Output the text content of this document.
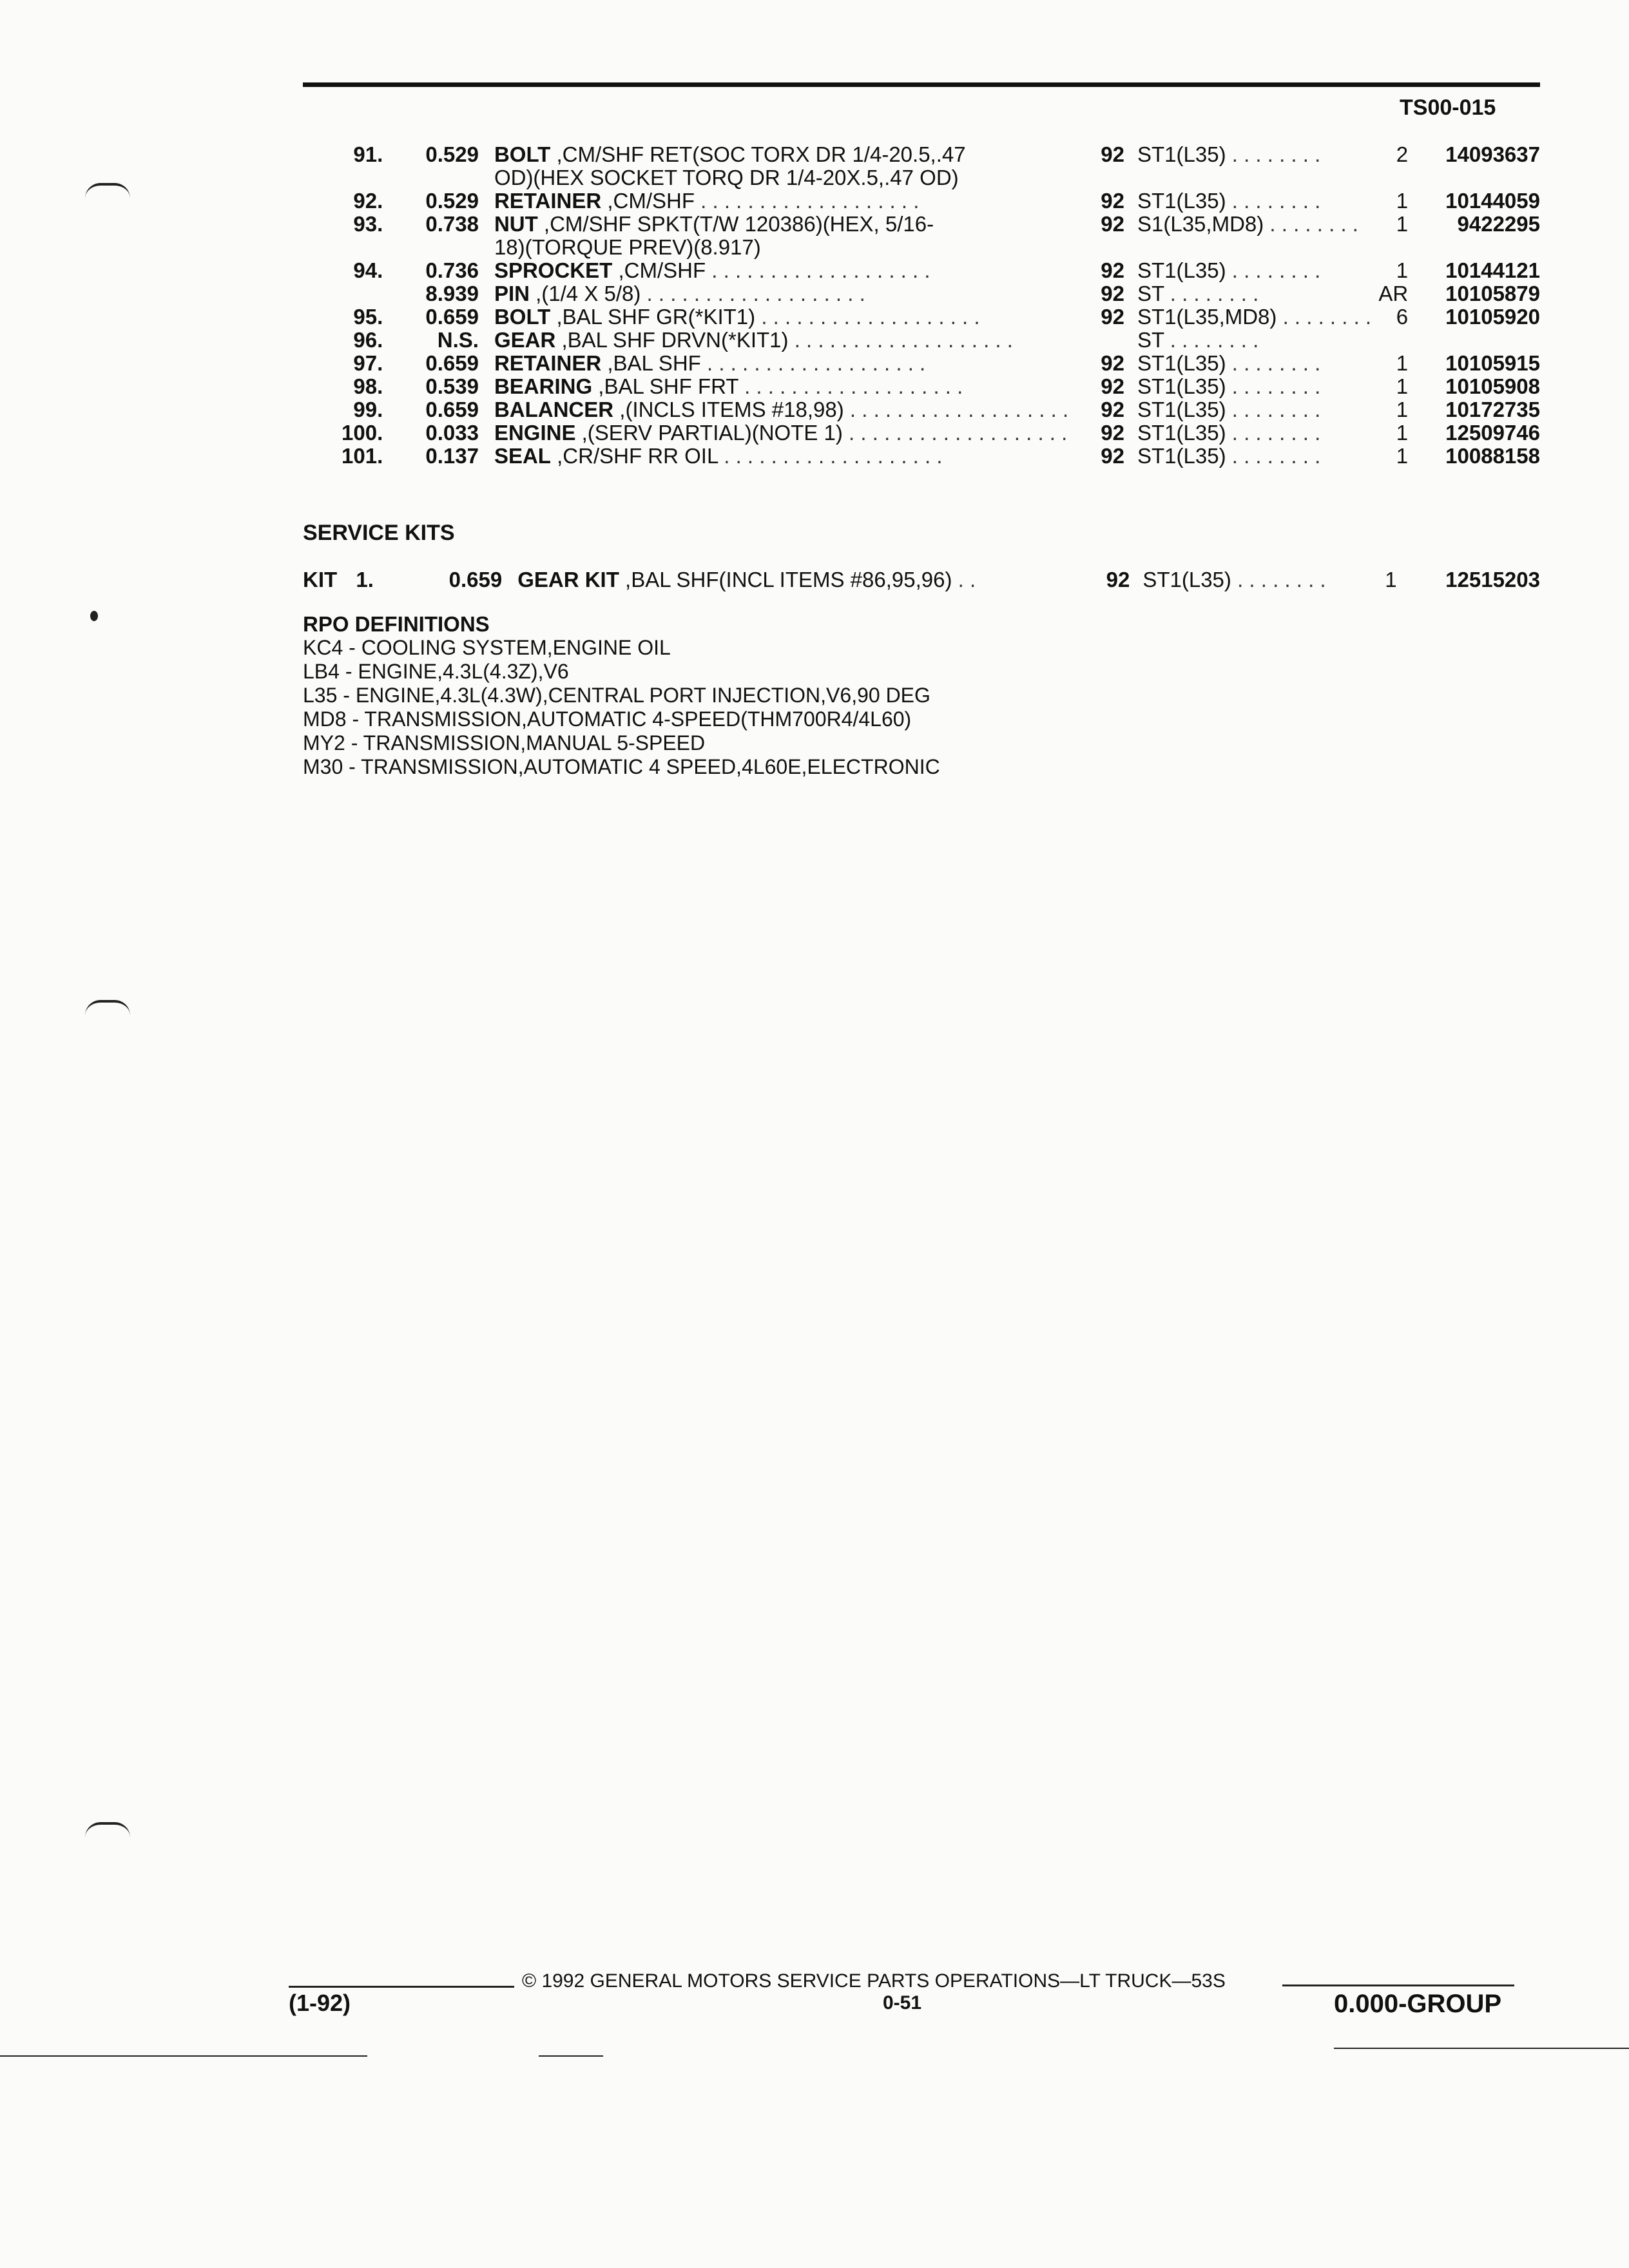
TS00-015
91.	0.529	BOLT ,CM/SHF RET(SOC TORX DR 1/4-20.5,.47
OD)(HEX SOCKET TORQ DR 1/4-20X.5,.47 OD)	92	ST1(L35) . . . . . . . .	2	14093637
92.	0.529	RETAINER ,CM/SHF . . . . . . . . . . . . . . . . . . .	92	ST1(L35) . . . . . . . .	1	10144059
93.	0.738	NUT ,CM/SHF SPKT(T/W 120386)(HEX, 5/16-
18)(TORQUE PREV)(8.917)	92	S1(L35,MD8) . . . . . . . .	1	9422295
94.	0.736	SPROCKET ,CM/SHF . . . . . . . . . . . . . . . . . . .	92	ST1(L35) . . . . . . . .	1	10144121
	8.939	PIN ,(1/4 X 5/8) . . . . . . . . . . . . . . . . . . .	92	ST . . . . . . . .	AR	10105879
95.	0.659	BOLT ,BAL SHF GR(*KIT1) . . . . . . . . . . . . . . . . . . .	92	ST1(L35,MD8) . . . . . . . .	6	10105920
96.	N.S.	GEAR ,BAL SHF DRVN(*KIT1) . . . . . . . . . . . . . . . . . . .		ST . . . . . . . .		
97.	0.659	RETAINER ,BAL SHF . . . . . . . . . . . . . . . . . . .	92	ST1(L35) . . . . . . . .	1	10105915
98.	0.539	BEARING ,BAL SHF FRT . . . . . . . . . . . . . . . . . . .	92	ST1(L35) . . . . . . . .	1	10105908
99.	0.659	BALANCER ,(INCLS ITEMS #18,98) . . . . . . . . . . . . . . . . . . .	92	ST1(L35) . . . . . . . .	1	10172735
100.	0.033	ENGINE ,(SERV PARTIAL)(NOTE 1) . . . . . . . . . . . . . . . . . . .	92	ST1(L35) . . . . . . . .	1	12509746
101.	0.137	SEAL ,CR/SHF RR OIL . . . . . . . . . . . . . . . . . . .	92	ST1(L35) . . . . . . . .	1	10088158
SERVICE KITS
KIT 1.	0.659	GEAR KIT ,BAL SHF(INCL ITEMS #86,95,96) . .	92	ST1(L35) . . . . . . . .	1	12515203
RPO DEFINITIONS
KC4 - COOLING SYSTEM,ENGINE OIL
LB4 - ENGINE,4.3L(4.3Z),V6
L35 - ENGINE,4.3L(4.3W),CENTRAL PORT INJECTION,V6,90 DEG
MD8 - TRANSMISSION,AUTOMATIC 4-SPEED(THM700R4/4L60)
MY2 - TRANSMISSION,MANUAL 5-SPEED
M30 - TRANSMISSION,AUTOMATIC 4 SPEED,4L60E,ELECTRONIC
© 1992 GENERAL MOTORS SERVICE PARTS OPERATIONS—LT TRUCK—53S
(1-92)	0-51	0.000-GROUP
